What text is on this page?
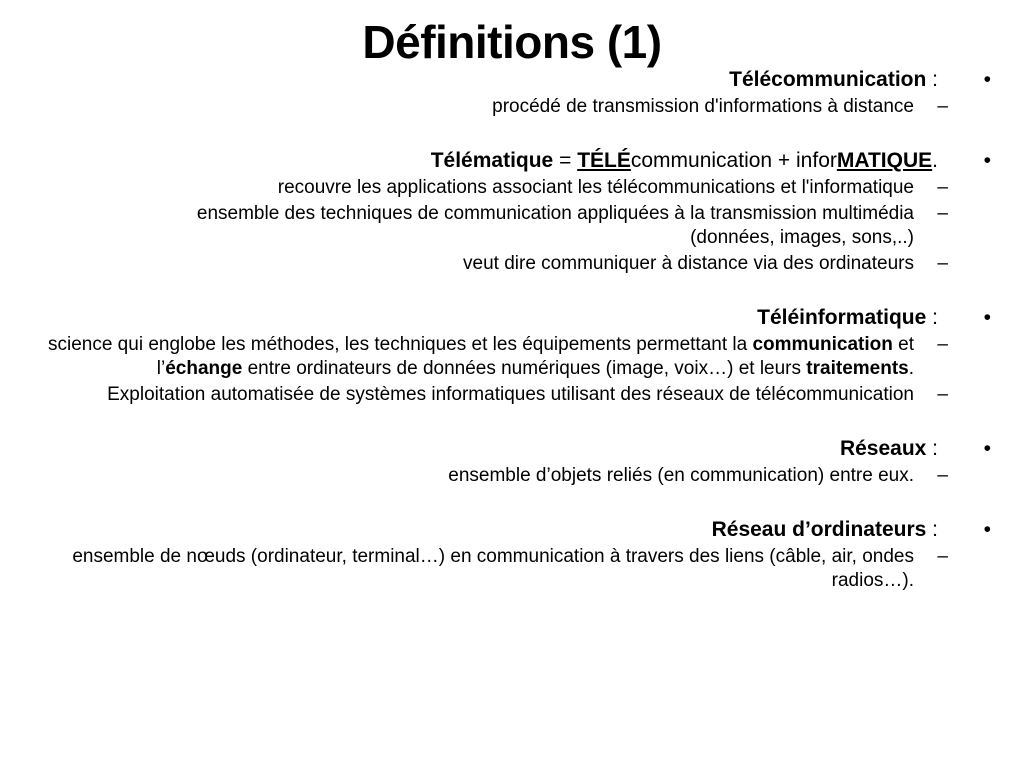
Définitions (1)
Télécommunication : •
procédé de transmission d'informations à distance –
Télématique = TÉLÉcommunication + inforMATIQUE. •
recouvre les applications associant les télécommunications et l'informatique –
ensemble des techniques de communication appliquées à la transmission multimédia (données, images, sons,..)
–
veut dire communiquer à distance via des ordinateurs –
Téléinformatique : •
science qui englobe les méthodes, les techniques et les équipements permettant la communication et l’échange entre ordinateurs de données numériques (image, voix…) et leurs traitements.
–
Exploitation automatisée de systèmes informatiques utilisant des réseaux de télécommunication –
Réseaux : •
ensemble d’objets reliés (en communication) entre eux. –
Réseau d’ordinateurs : •
ensemble de nœuds (ordinateur, terminal…) en communication à travers des liens (câble, air, ondes radios…).
–
